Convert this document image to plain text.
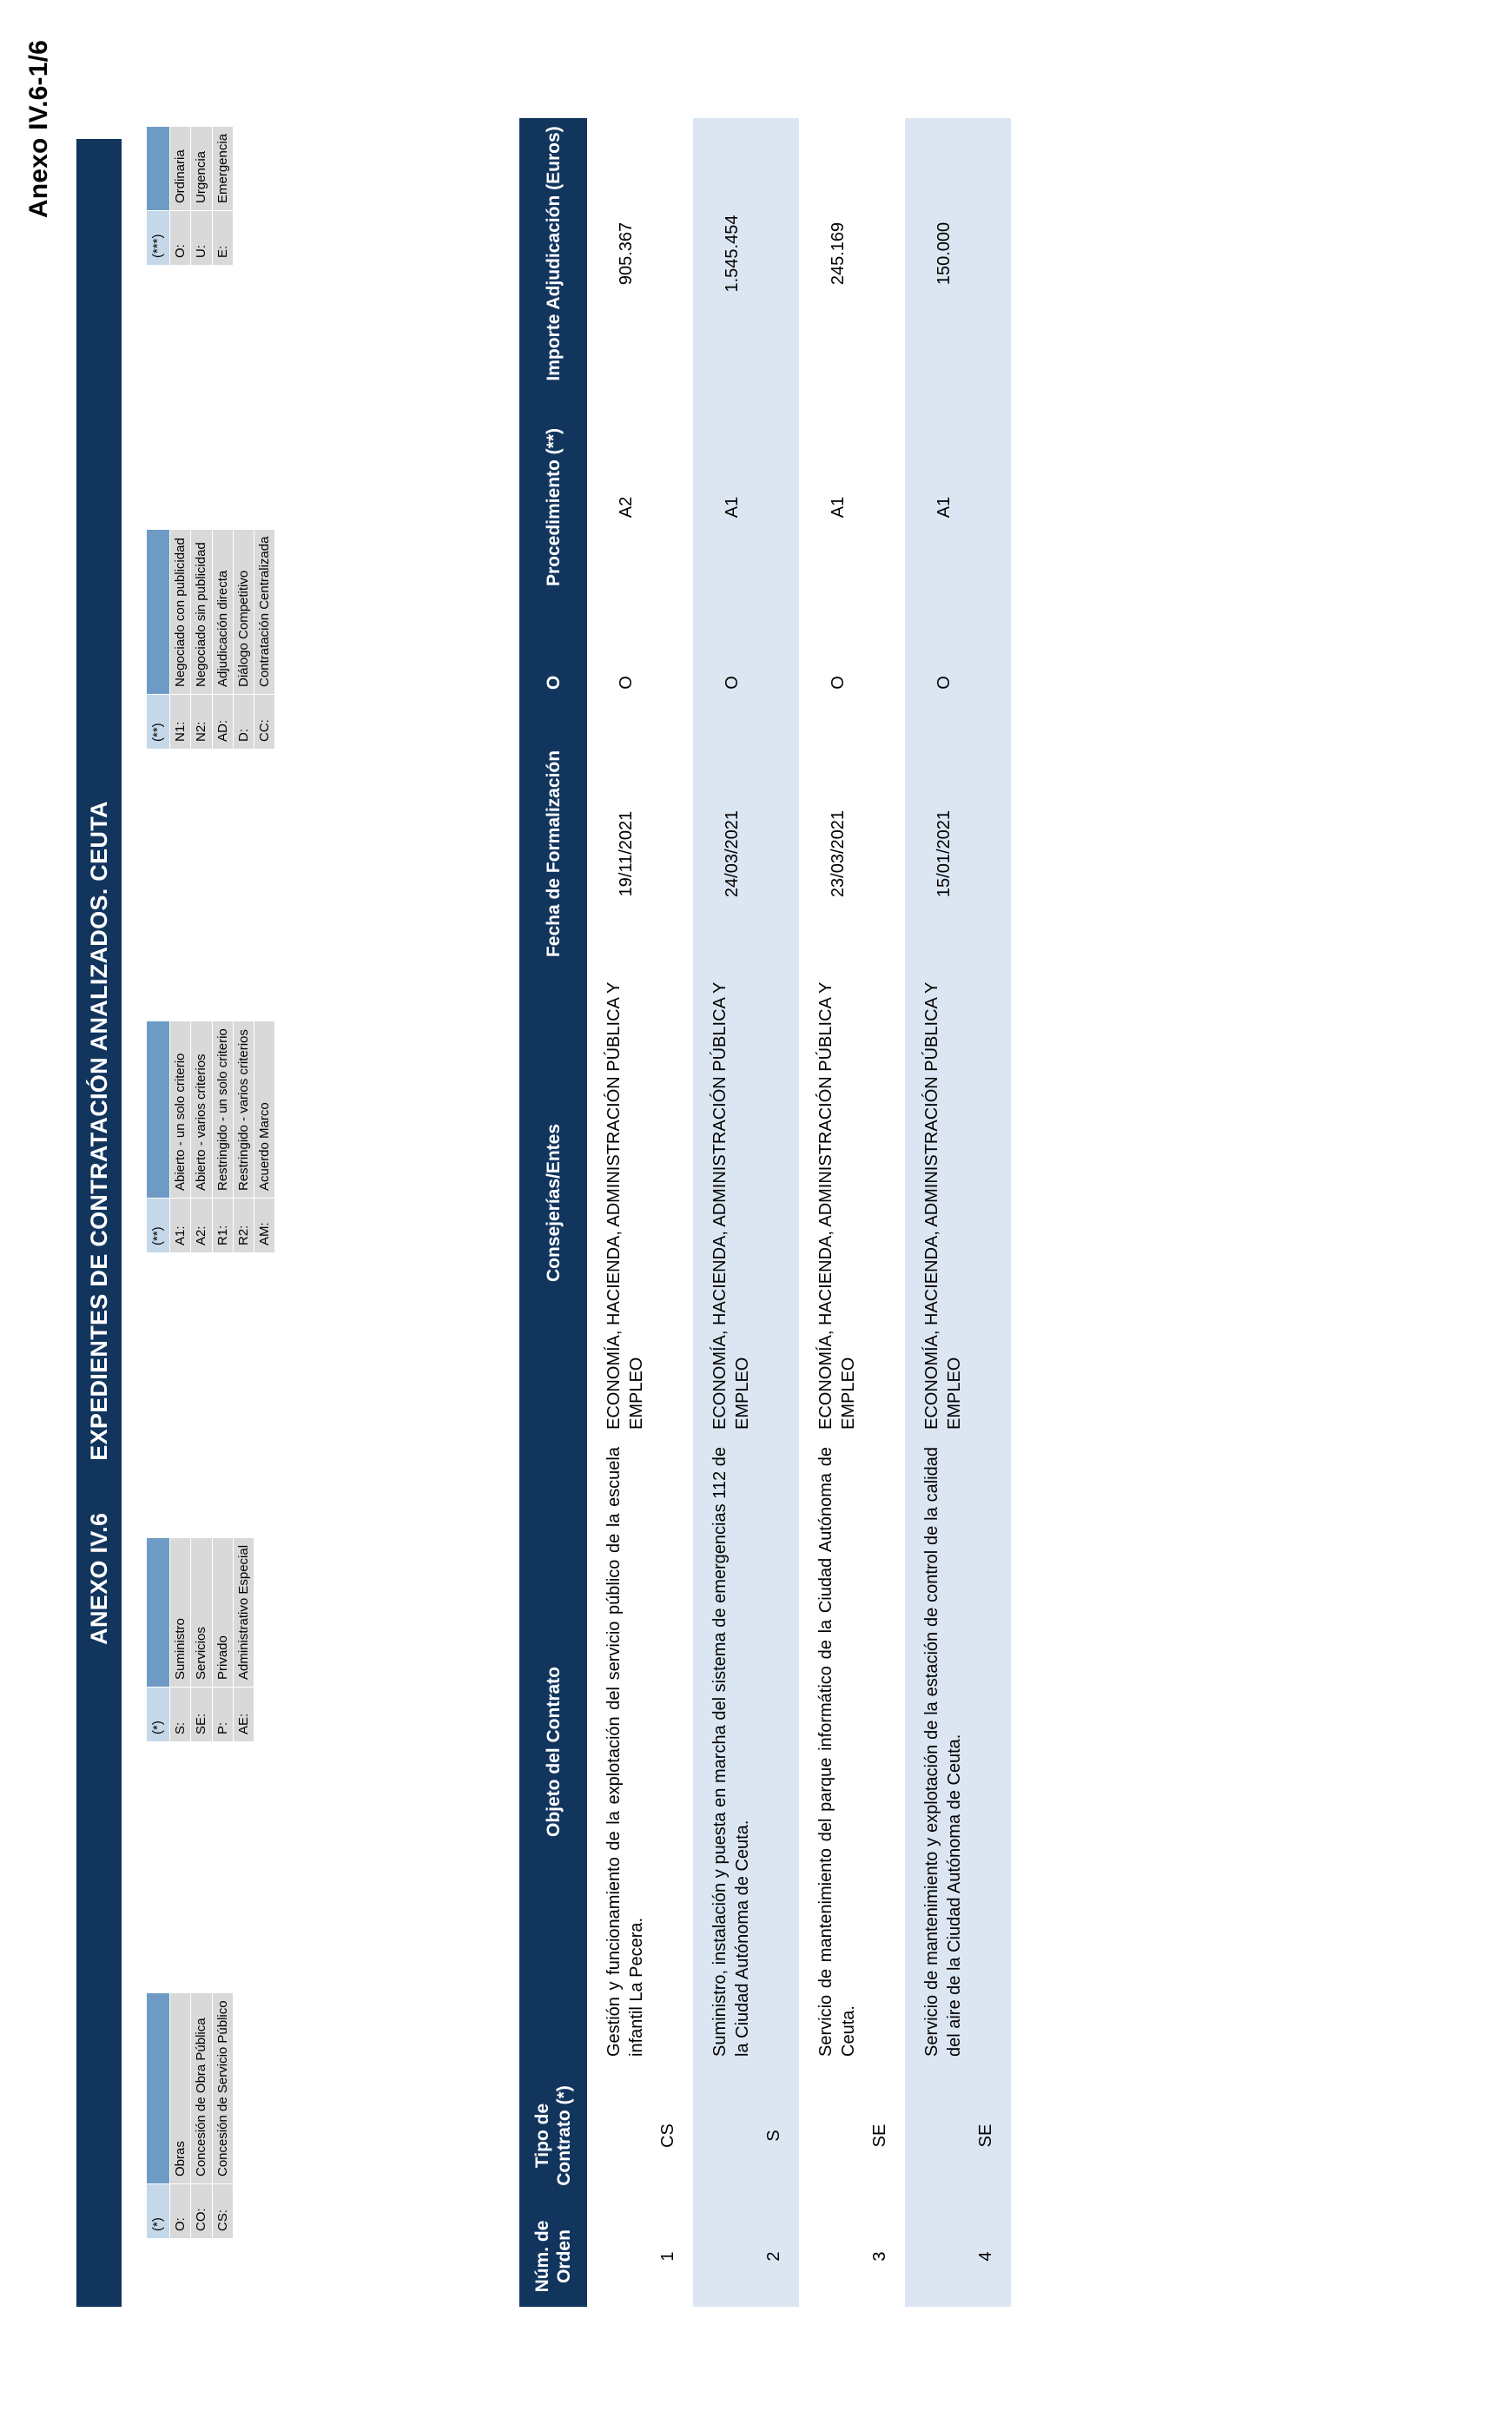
Anexo IV.6-1/6
ANEXO IV.6
EXPEDIENTES DE CONTRATACIÓN ANALIZADOS. CEUTA
(*)	
O:	Obras
CO:	Concesión de Obra Pública
CS:	Concesión de Servicio Público
(*)	
S:	Suministro
SE:	Servicios
P:	Privado
AE:	Administrativo Especial
(**)	
A1:	Abierto - un solo criterio
A2:	Abierto - varios criterios
R1:	Restringido - un solo criterio
R2:	Restringido - varios criterios
AM:	Acuerdo Marco
(**)	
N1:	Negociado con publicidad
N2:	Negociado sin publicidad
AD:	Adjudicación directa
D:	Diálogo Competitivo
CC:	Contratación Centralizada
(***)	
O:	Ordinaria
U:	Urgencia
E:	Emergencia
Núm. de Orden	Tipo de Contrato (*)	Objeto del Contrato	Consejerías/Entes	Fecha de Formalización	O	Procedimiento (**)	Importe Adjudicación (Euros)
1	CS	Gestión y funcionamiento de la explotación del servicio público de la escuela infantil La Pecera.	ECONOMÍA, HACIENDA, ADMINISTRACIÓN PÚBLICA Y EMPLEO	19/11/2021	O	A2	905.367
2	S	Suministro, instalación y puesta en marcha del sistema de emergencias 112 de la Ciudad Autónoma de Ceuta.	ECONOMÍA, HACIENDA, ADMINISTRACIÓN PÚBLICA Y EMPLEO	24/03/2021	O	A1	1.545.454
3	SE	Servicio de mantenimiento del parque informático de la Ciudad Autónoma de Ceuta.	ECONOMÍA, HACIENDA, ADMINISTRACIÓN PÚBLICA Y EMPLEO	23/03/2021	O	A1	245.169
4	SE	Servicio de mantenimiento y explotación de la estación de control de la calidad del aire de la Ciudad Autónoma de Ceuta.	ECONOMÍA, HACIENDA, ADMINISTRACIÓN PÚBLICA Y EMPLEO	15/01/2021	O	A1	150.000
